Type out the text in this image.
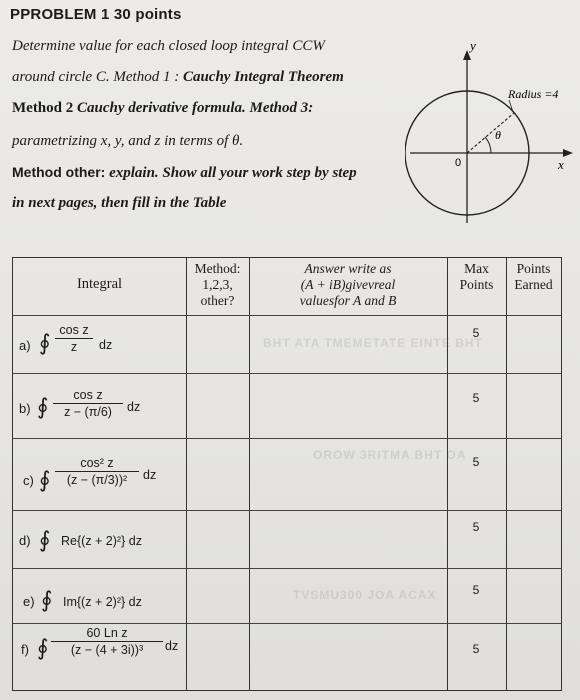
PPROBLEM 1 30 points
Determine value for each closed loop integral CCW
around circle C. Method 1 : Cauchy Integral Theorem
Method 2 Cauchy derivative formula. Method 3:
parametrizing x, y, and z in terms of θ.
Method other: explain. Show all your work step by step
in next pages, then fill in the Table
y
x
0
θ
Radius =4
Integral
Method:
1,2,3,
other?
Answer write as
(A + iB)givevreal
valuesfor A and B
Max
Points
Points
Earned
BHT ATA TMEMETATE EINTE BHT
OROW 3RITMA BHT OA
TVSMU300 JOA ACAX
a) ∮ $\frac{\text{cos z}}{z}$ dz
5
b) ∮ $\frac{\text{cos z}}{z - (\pi/6)}$ dz
5
c) ∮ $\frac{\text{cos² z}}{\text{(z − (π/3))²}}$ dz
5
d) ∮ Re{(z + 2)²} dz
5
e) ∮ Im{(z + 2)²} dz
5
f) ∮ $\frac{\text{60 Ln z}}{\text{(z − (4 + 3i))³}}$ dz	5
